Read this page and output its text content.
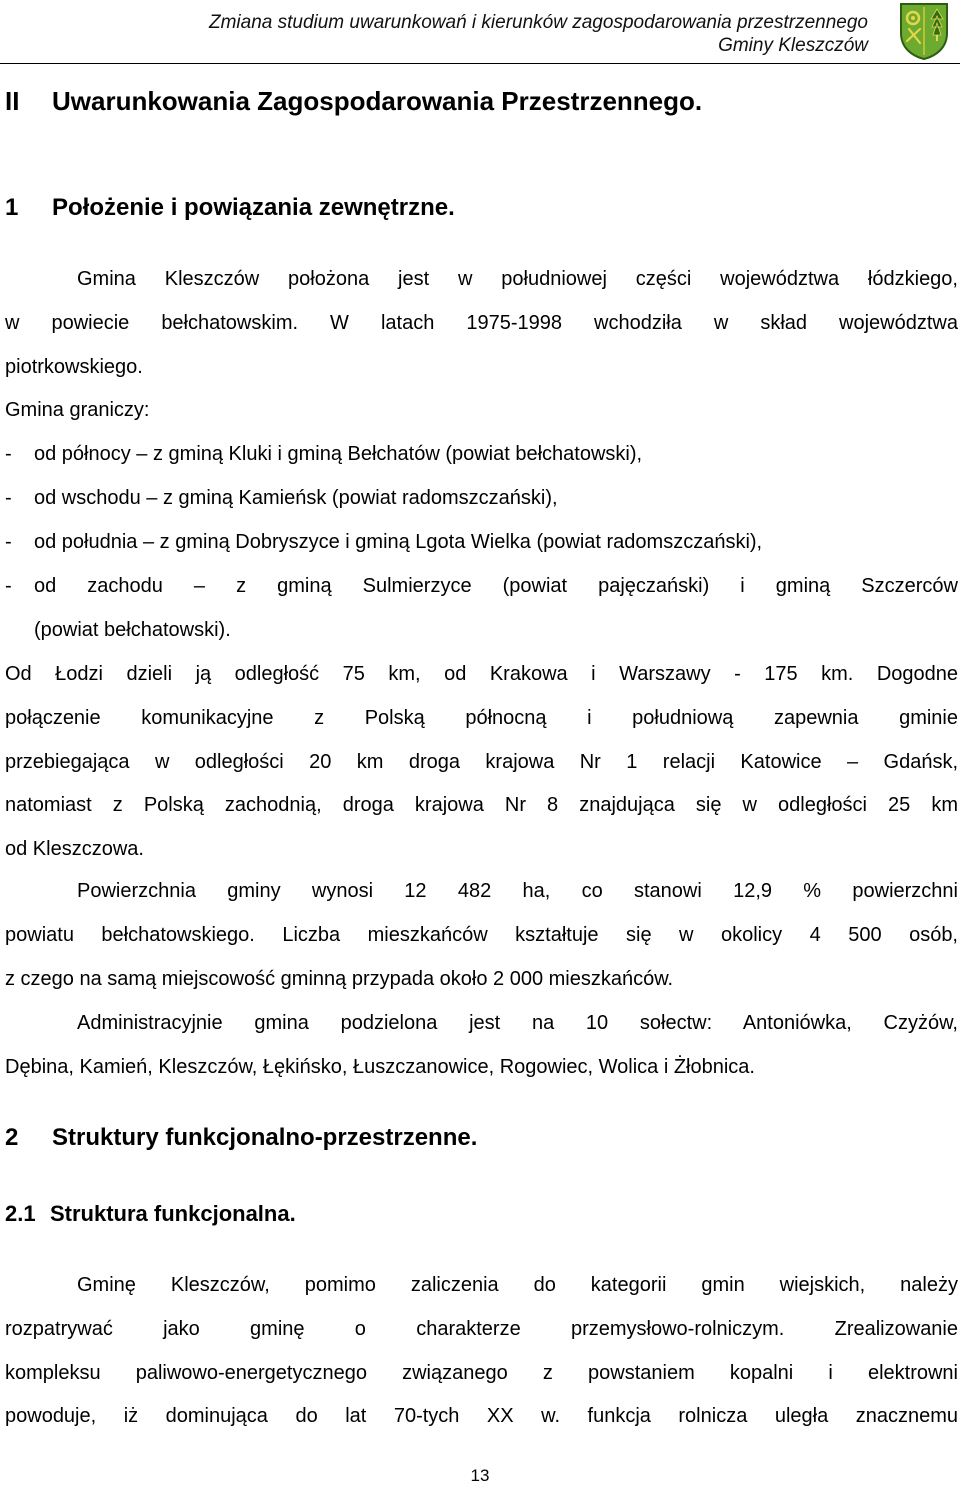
Zmiana studium uwarunkowań i kierunków zagospodarowania przestrzennego
Gminy Kleszczów
II Uwarunkowania Zagospodarowania Przestrzennego.
1 Położenie i powiązania zewnętrzne.
Gmina Kleszczów położona jest w południowej części województwa łódzkiego,
w powiecie bełchatowskim. W latach 1975-1998 wchodziła w skład województwa
piotrkowskiego.
Gmina graniczy:
- od północy – z gminą Kluki i gminą Bełchatów (powiat bełchatowski),
- od wschodu – z gminą Kamieńsk (powiat radomszczański),
- od południa – z gminą Dobryszyce i gminą Lgota Wielka (powiat radomszczański),
- od zachodu – z gminą Sulmierzyce (powiat pajęczański) i gminą Szczerców
(powiat bełchatowski).
Od Łodzi dzieli ją odległość 75 km, od Krakowa i Warszawy - 175 km. Dogodne
połączenie komunikacyjne z Polską północną i południową zapewnia gminie
przebiegająca w odległości 20 km droga krajowa Nr 1 relacji Katowice – Gdańsk,
natomiast z Polską zachodnią, droga krajowa Nr 8 znajdująca się w odległości 25 km
od Kleszczowa.
Powierzchnia gminy wynosi 12 482 ha, co stanowi 12,9 % powierzchni
powiatu bełchatowskiego. Liczba mieszkańców kształtuje się w okolicy 4 500 osób,
z czego na samą miejscowość gminną przypada około 2 000 mieszkańców.
Administracyjnie gmina podzielona jest na 10 sołectw: Antoniówka, Czyżów,
Dębina, Kamień, Kleszczów, Łękińsko, Łuszczanowice, Rogowiec, Wolica i Żłobnica.
2 Struktury funkcjonalno-przestrzenne.
2.1 Struktura funkcjonalna.
Gminę Kleszczów, pomimo zaliczenia do kategorii gmin wiejskich, należy
rozpatrywać jako gminę o charakterze przemysłowo-rolniczym. Zrealizowanie
kompleksu paliwowo-energetycznego związanego z powstaniem kopalni i elektrowni
powoduje, iż dominująca do lat 70-tych XX w. funkcja rolnicza uległa znacznemu
13
